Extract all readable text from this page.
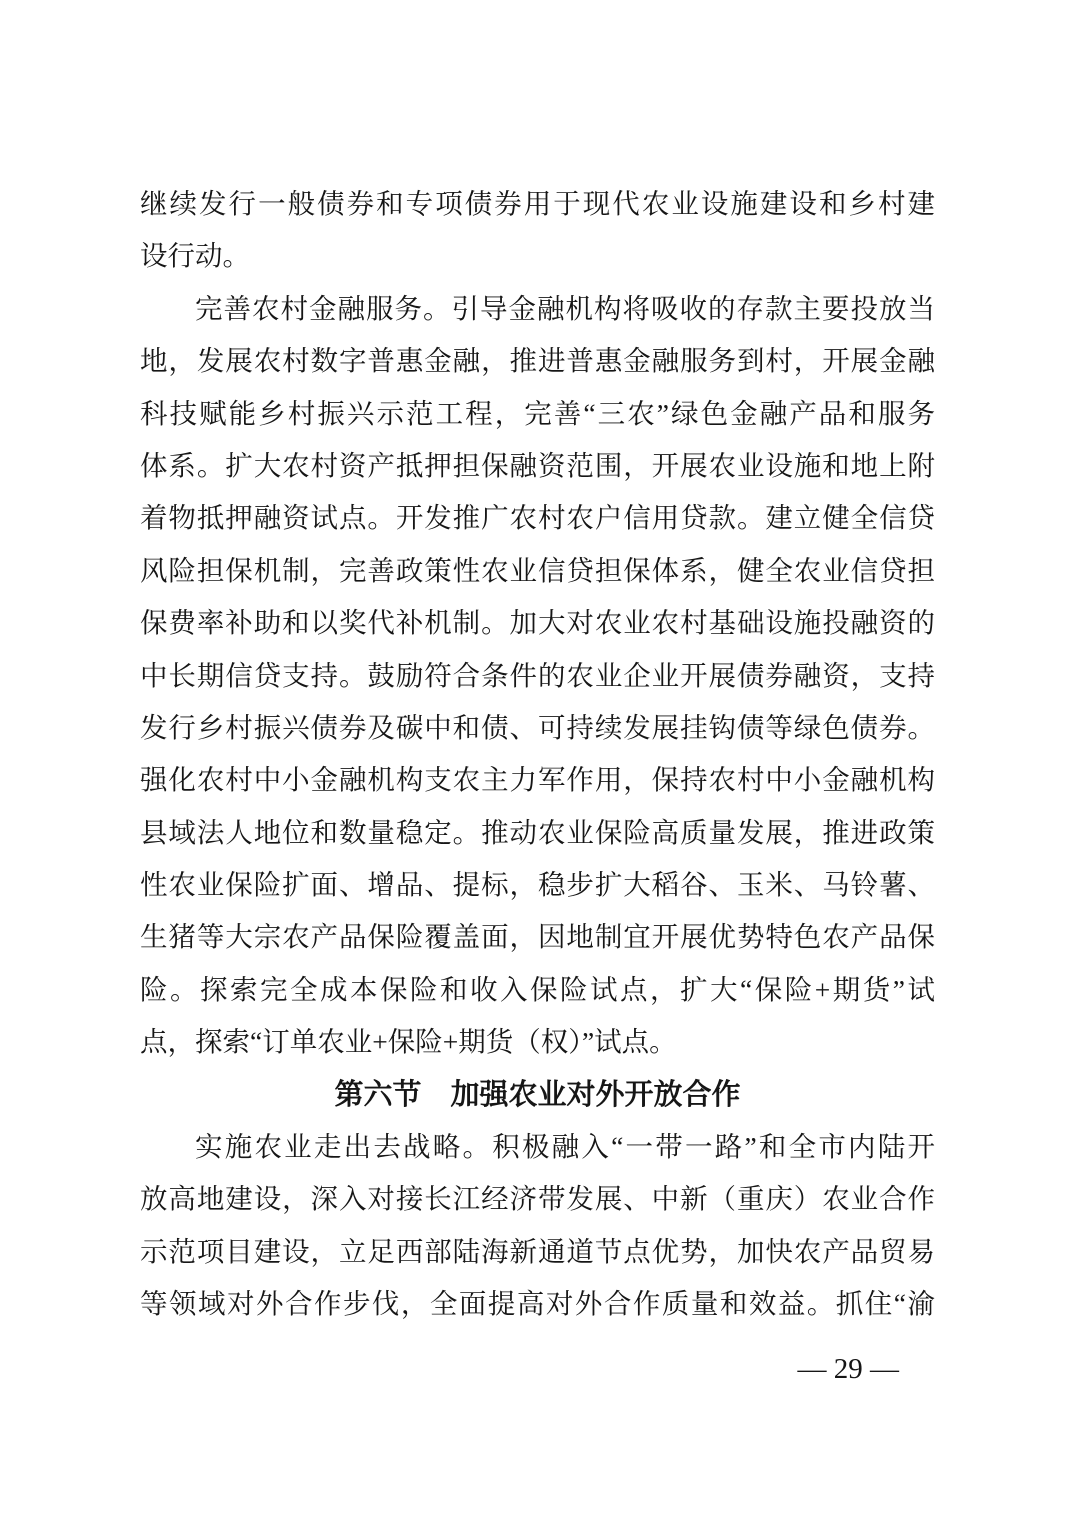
继续发行一般债券和专项债券用于现代农业设施建设和乡村建
设行动。
完善农村金融服务。引导金融机构将吸收的存款主要投放当
地，发展农村数字普惠金融，推进普惠金融服务到村，开展金融
科技赋能乡村振兴示范工程，完善“三农”绿色金融产品和服务
体系。扩大农村资产抵押担保融资范围，开展农业设施和地上附
着物抵押融资试点。开发推广农村农户信用贷款。建立健全信贷
风险担保机制，完善政策性农业信贷担保体系，健全农业信贷担
保费率补助和以奖代补机制。加大对农业农村基础设施投融资的
中长期信贷支持。鼓励符合条件的农业企业开展债券融资，支持
发行乡村振兴债券及碳中和债、可持续发展挂钩债等绿色债券。
强化农村中小金融机构支农主力军作用，保持农村中小金融机构
县域法人地位和数量稳定。推动农业保险高质量发展，推进政策
性农业保险扩面、增品、提标，稳步扩大稻谷、玉米、马铃薯、
生猪等大宗农产品保险覆盖面，因地制宜开展优势特色农产品保
险。探索完全成本保险和收入保险试点，扩大“保险+期货”试
点，探索“订单农业+保险+期货（权）”试点。
第六节　加强农业对外开放合作
实施农业走出去战略。积极融入“一带一路”和全市内陆开
放高地建设，深入对接长江经济带发展、中新（重庆）农业合作
示范项目建设，立足西部陆海新通道节点优势，加快农产品贸易
等领域对外合作步伐，全面提高对外合作质量和效益。抓住“渝
— 29 —
